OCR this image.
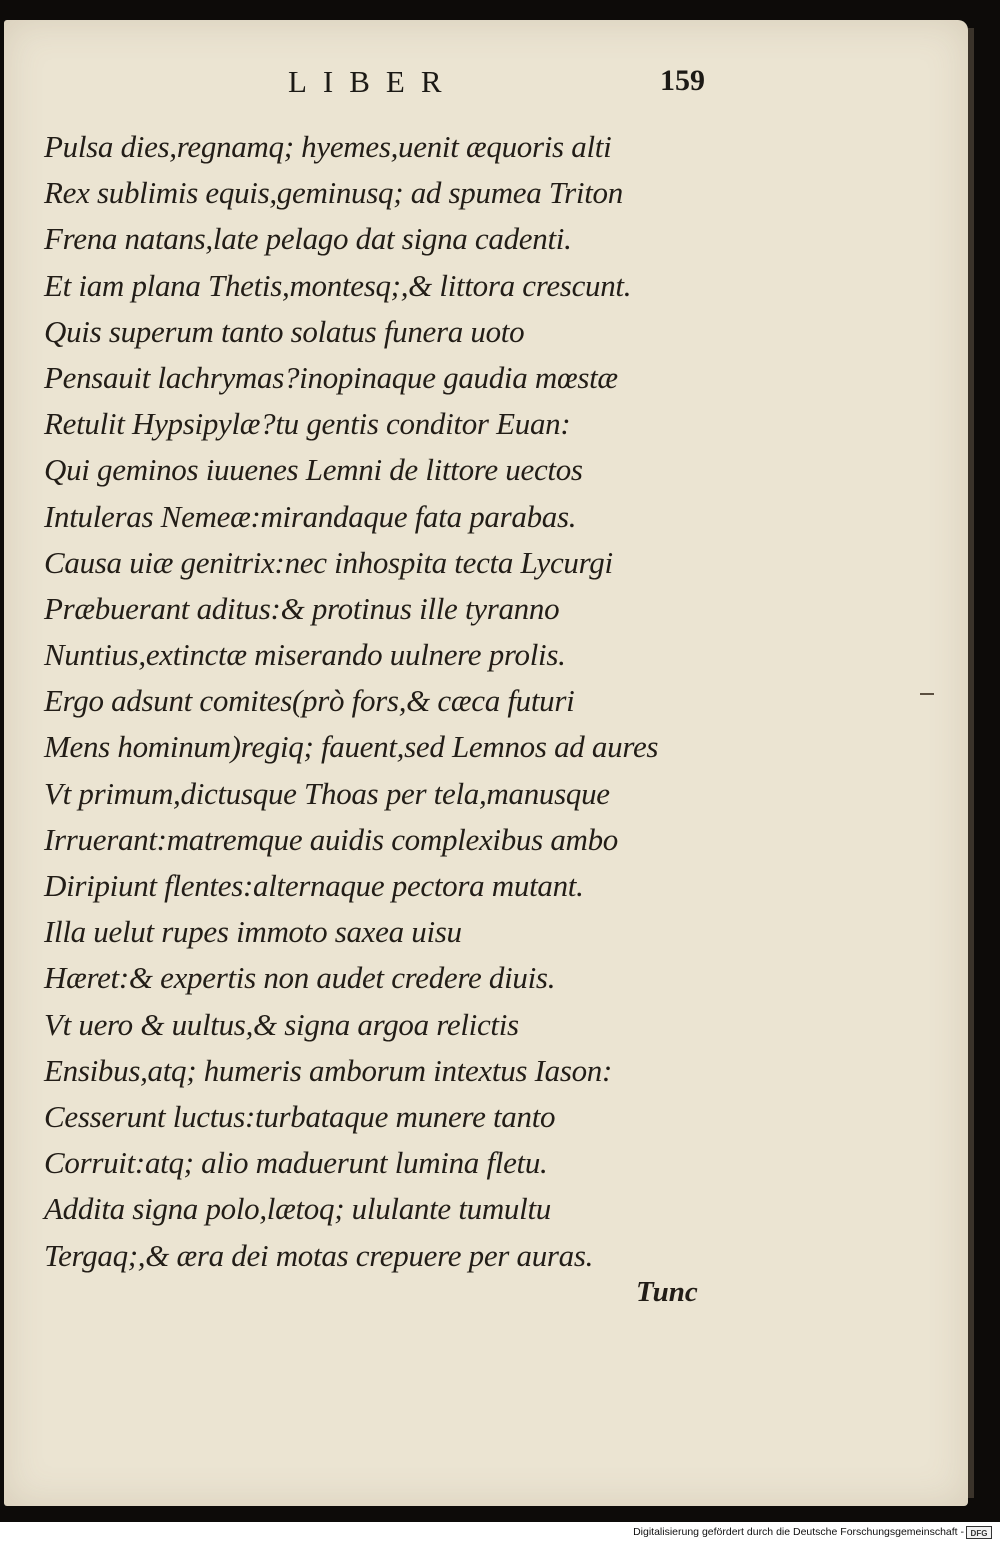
LIBER	159
Pulsa dies,regnamq; hyemes,uenit æquoris alti
Rex sublimis equis,geminusq; ad spumea Triton
Frena natans,late pelago dat signa cadenti.
Et iam plana Thetis,montesq;,& littora crescunt.
Quis superum tanto solatus funera uoto
Pensauit lachrymas?inopinaque gaudia mœstæ
Retulit Hypsipylæ?tu gentis conditor Euan:
Qui geminos iuuenes Lemni de littore uectos
Intuleras Nemeæ:mirandaque fata parabas.
Causa uiæ genitrix:nec inhospita tecta Lycurgi
Præbuerant aditus:& protinus ille tyranno
Nuntius,extinctæ miserando uulnere prolis.
Ergo adsunt comites(prò fors,& cæca futuri
Mens hominum)regiq; fauent,sed Lemnos ad aures
Vt primum,dictusque Thoas per tela,manusque
Irruerant:matremque auidis complexibus ambo
Diripiunt flentes:alternaque pectora mutant.
Illa uelut rupes immoto saxea uisu
Hæret:& expertis non audet credere diuis.
Vt uero & uultus,& signa argoa relictis
Ensibus,atq; humeris amborum intextus Iason:
Cesserunt luctus:turbataque munere tanto
Corruit:atq; alio maduerunt lumina fletu.
Addita signa polo,lætoq; ululante tumultu
Tergaq;,& æra dei motas crepuere per auras.
Tunc
Digitalisierung gefördert durch die Deutsche Forschungsgemeinschaft - DFG
